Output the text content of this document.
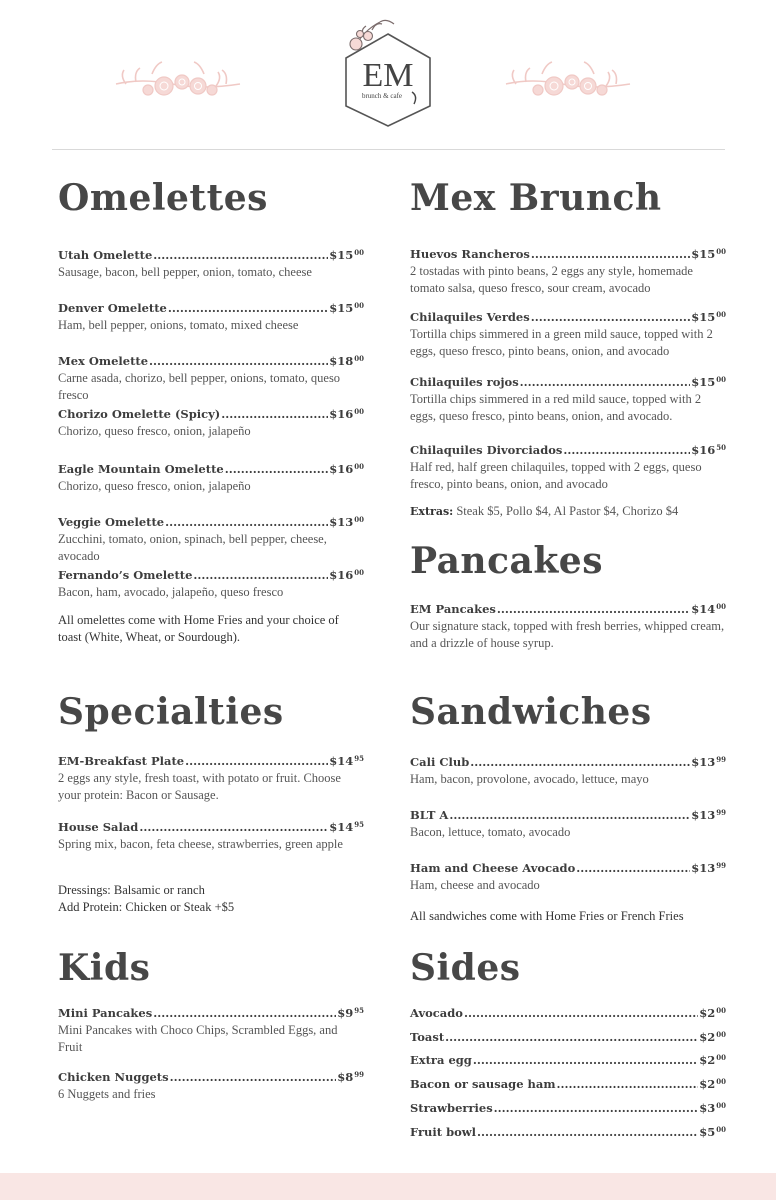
EM
brunch & cafe
Omelettes
Utah Omelette .....	$\$15^{00}$
Sausage, bacon, bell pepper, onion, tomato, cheese
Denver Omelette .....	$\$15^{00}$
Ham, bell pepper, onions, tomato, mixed cheese
Mex Omelette .....	$\$18^{00}$
Carne asada, chorizo, bell pepper, onions, tomato, queso fresco
Chorizo Omelette (Spicy) .....	$\$16^{00}$
Chorizo, queso fresco, onion, jalapeño
Eagle Mountain Omelette .....	$\$16^{00}$
Chorizo, queso fresco, onion, jalapeño
Veggie Omelette .....	$\$13^{00}$
Zucchini, tomato, onion, spinach, bell pepper, cheese, avocado
Fernando’s Omelette .....	$\$16^{00}$
Bacon, ham, avocado, jalapeño, queso fresco
All omelettes come with Home Fries and your choice of toast (White, Wheat, or Sourdough).
Specialties
EM-Breakfast Plate .....	$\$14^{95}$
2 eggs any style, fresh toast, with potato or fruit. Choose your protein: Bacon or Sausage.
House Salad .....	$\$14^{95}$
Spring mix, bacon, feta cheese, strawberries, green apple
Dressings: Balsamic or ranch
Add Protein: Chicken or Steak +$5
Kids
Mini Pancakes .....	$\$9^{95}$
Mini Pancakes with Choco Chips, Scrambled Eggs, and Fruit
Chicken Nuggets .....	$\$8^{99}$
6 Nuggets and fries
Mex Brunch
Huevos Rancheros .....	$\$15^{00}$
2 tostadas with pinto beans, 2 eggs any style, homemade tomato salsa, queso fresco, sour cream, avocado
Chilaquiles Verdes .....	$\$15^{00}$
Tortilla chips simmered in a green mild sauce, topped with 2 eggs, queso fresco, pinto beans, onion, and avocado
Chilaquiles rojos .....	$\$15^{00}$
Tortilla chips simmered in a red mild sauce, topped with 2 eggs, queso fresco, pinto beans, onion, and avocado.
Chilaquiles Divorciados .....	$\$16^{50}$
Half red, half green chilaquiles, topped with 2 eggs, queso fresco, pinto beans, onion, and avocado
Extras: Steak $5, Pollo $4, Al Pastor $4, Chorizo $4
Pancakes
EM Pancakes .....	$\$14^{00}$
Our signature stack, topped with fresh berries, whipped cream, and a drizzle of house syrup.
Sandwiches
Cali Club .....	$\$13^{99}$
Ham, bacon, provolone, avocado, lettuce, mayo
BLT A .....	$\$13^{99}$
Bacon, lettuce, tomato, avocado
Ham and Cheese Avocado .....	$\$13^{99}$
Ham, cheese and avocado
All sandwiches come with Home Fries or French Fries
Sides
Avocado .....	$\$2^{00}$
Toast .....	$\$2^{00}$
Extra egg .....	$\$2^{00}$
Bacon or sausage ham .....	$\$2^{00}$
Strawberries .....	$\$3^{00}$
Fruit bowl .....	$\$5^{00}$
